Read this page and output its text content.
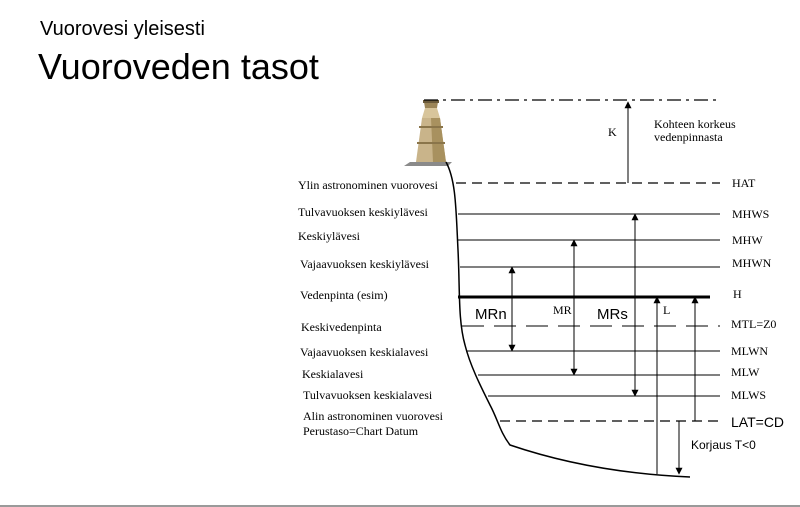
Vuorovesi yleisesti
Vuoroveden tasot
K
Kohteen korkeus
vedenpinnasta
MRn	MR MRs	L
Korjaus T<0
Ylin astronominen vuorovesi
Tulvavuoksen keskiylävesi
Keskiylävesi
Vajaavuoksen keskiylävesi
Vedenpinta (esim)
Keskivedenpinta
Vajaavuoksen keskialavesi
Keskialavesi
Tulvavuoksen keskialavesi
Alin astronominen vuorovesi
Perustaso=Chart Datum
HAT
MHWS
MHW
MHWN
H
MTL=Z0
MLWN
MLW
MLWS
LAT=CD
